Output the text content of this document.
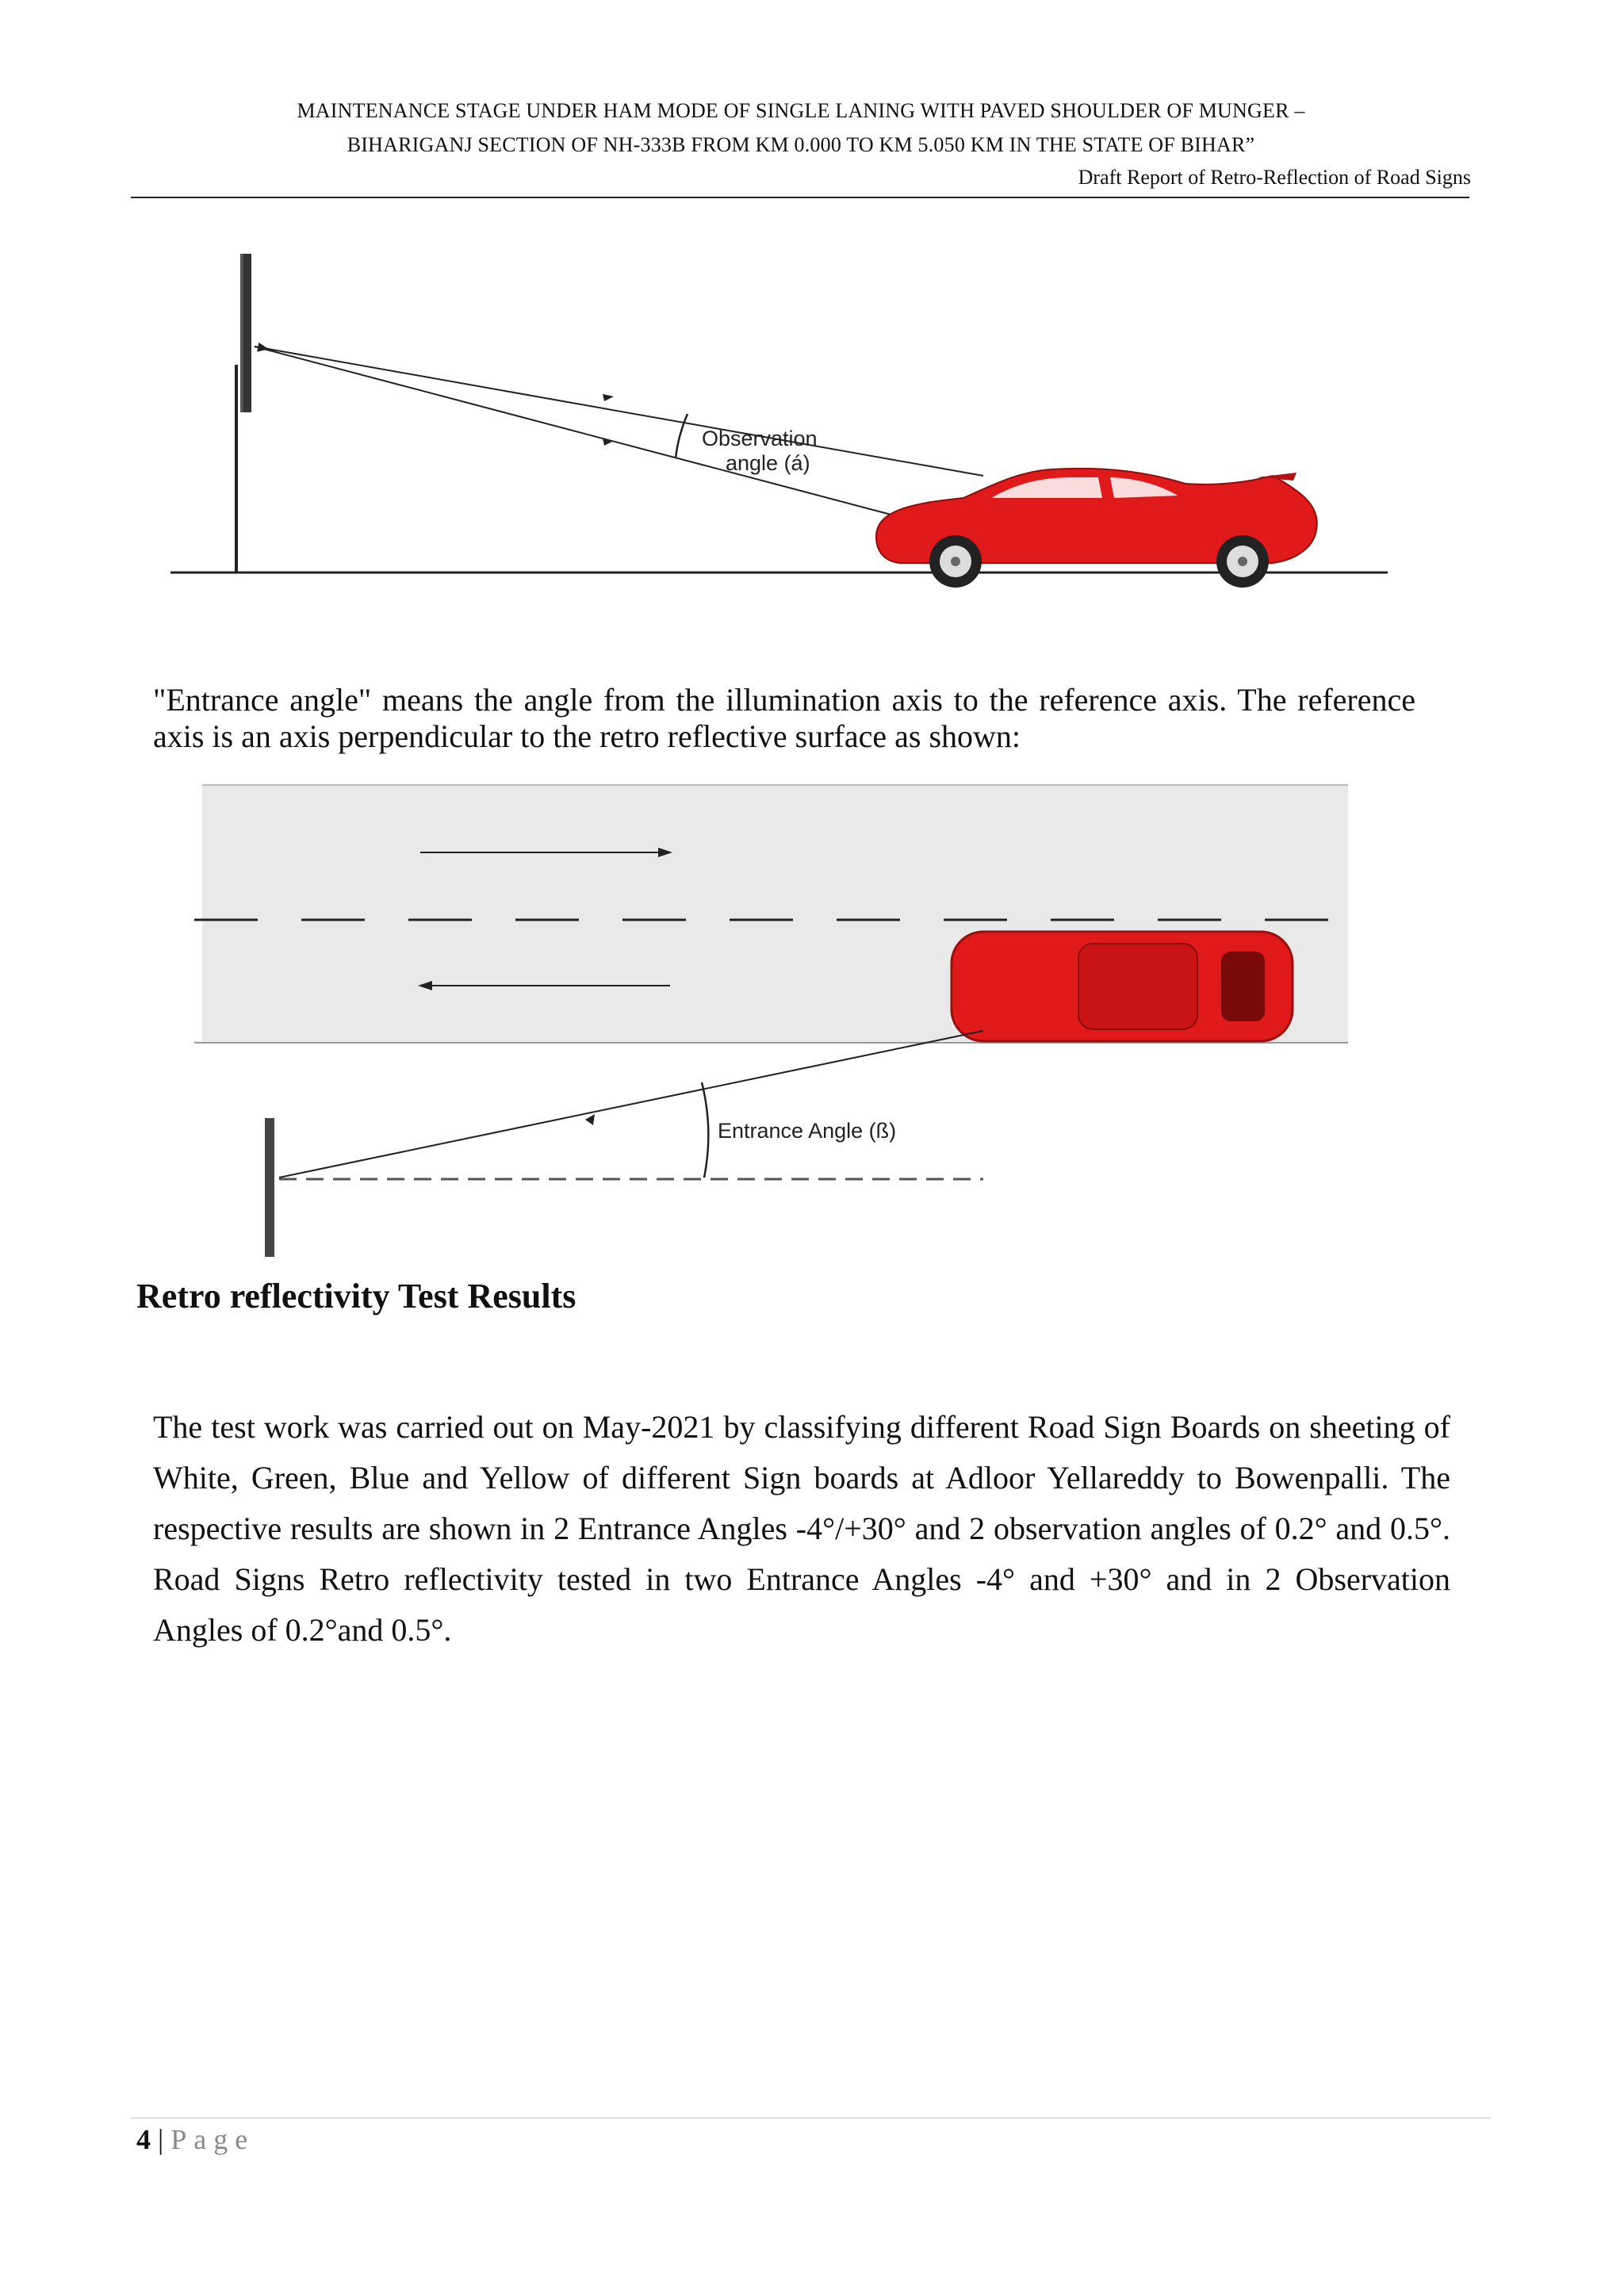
MAINTENANCE STAGE UNDER HAM MODE OF SINGLE LANING WITH PAVED SHOULDER OF MUNGER –
BIHARIGANJ SECTION OF NH-333B FROM KM 0.000 TO KM 5.050 KM IN THE STATE OF BIHAR”
Draft Report of Retro-Reflection of Road Signs
Observation
angle (á)

"Entrance angle" means the angle from the illumination axis to the reference axis. The reference axis is an axis perpendicular to the retro reflective surface as shown:

Entrance Angle (ß)
Retro reflectivity Test Results

The test work was carried out on May-2021 by classifying different Road Sign Boards on sheeting of White, Green, Blue and Yellow of different Sign boards at Adloor Yellareddy to Bowenpalli. The respective results are shown in 2 Entrance Angles -4°/+30° and 2 observation angles of 0.2° and 0.5°. Road Signs Retro reflectivity tested in two Entrance Angles -4° and +30° and in 2 Observation Angles of 0.2°and 0.5°.

4 | Page
